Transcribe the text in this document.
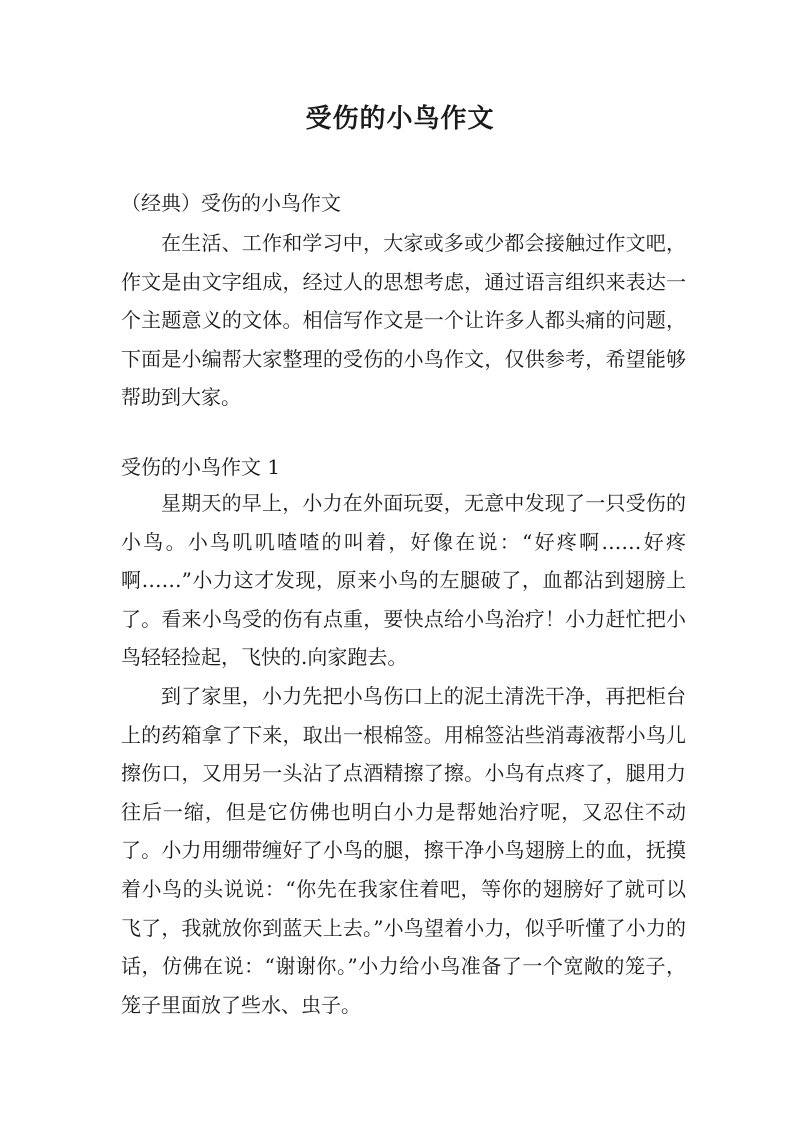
受伤的小鸟作文
（经典）受伤的小鸟作文

在生活、工作和学习中，大家或多或少都会接触过作文吧，作文是由文字组成，经过人的思想考虑，通过语言组织来表达一个主题意义的文体。相信写作文是一个让许多人都头痛的问题，下面是小编帮大家整理的受伤的小鸟作文，仅供参考，希望能够帮助到大家。

受伤的小鸟作文 1

星期天的早上，小力在外面玩耍，无意中发现了一只受伤的小鸟。小鸟叽叽喳喳的叫着，好像在说：“好疼啊……好疼啊……”小力这才发现，原来小鸟的左腿破了，血都沾到翅膀上了。看来小鸟受的伤有点重，要快点给小鸟治疗！小力赶忙把小鸟轻轻捡起，飞快的.向家跑去。

到了家里，小力先把小鸟伤口上的泥土清洗干净，再把柜台上的药箱拿了下来，取出一根棉签。用棉签沾些消毒液帮小鸟儿擦伤口，又用另一头沾了点酒精擦了擦。小鸟有点疼了，腿用力往后一缩，但是它仿佛也明白小力是帮她治疗呢，又忍住不动了。小力用绷带缠好了小鸟的腿，擦干净小鸟翅膀上的血，抚摸着小鸟的头说说：“你先在我家住着吧，等你的翅膀好了就可以飞了，我就放你到蓝天上去。”小鸟望着小力，似乎听懂了小力的话，仿佛在说：“谢谢你。”小力给小鸟准备了一个宽敞的笼子，笼子里面放了些水、虫子。
